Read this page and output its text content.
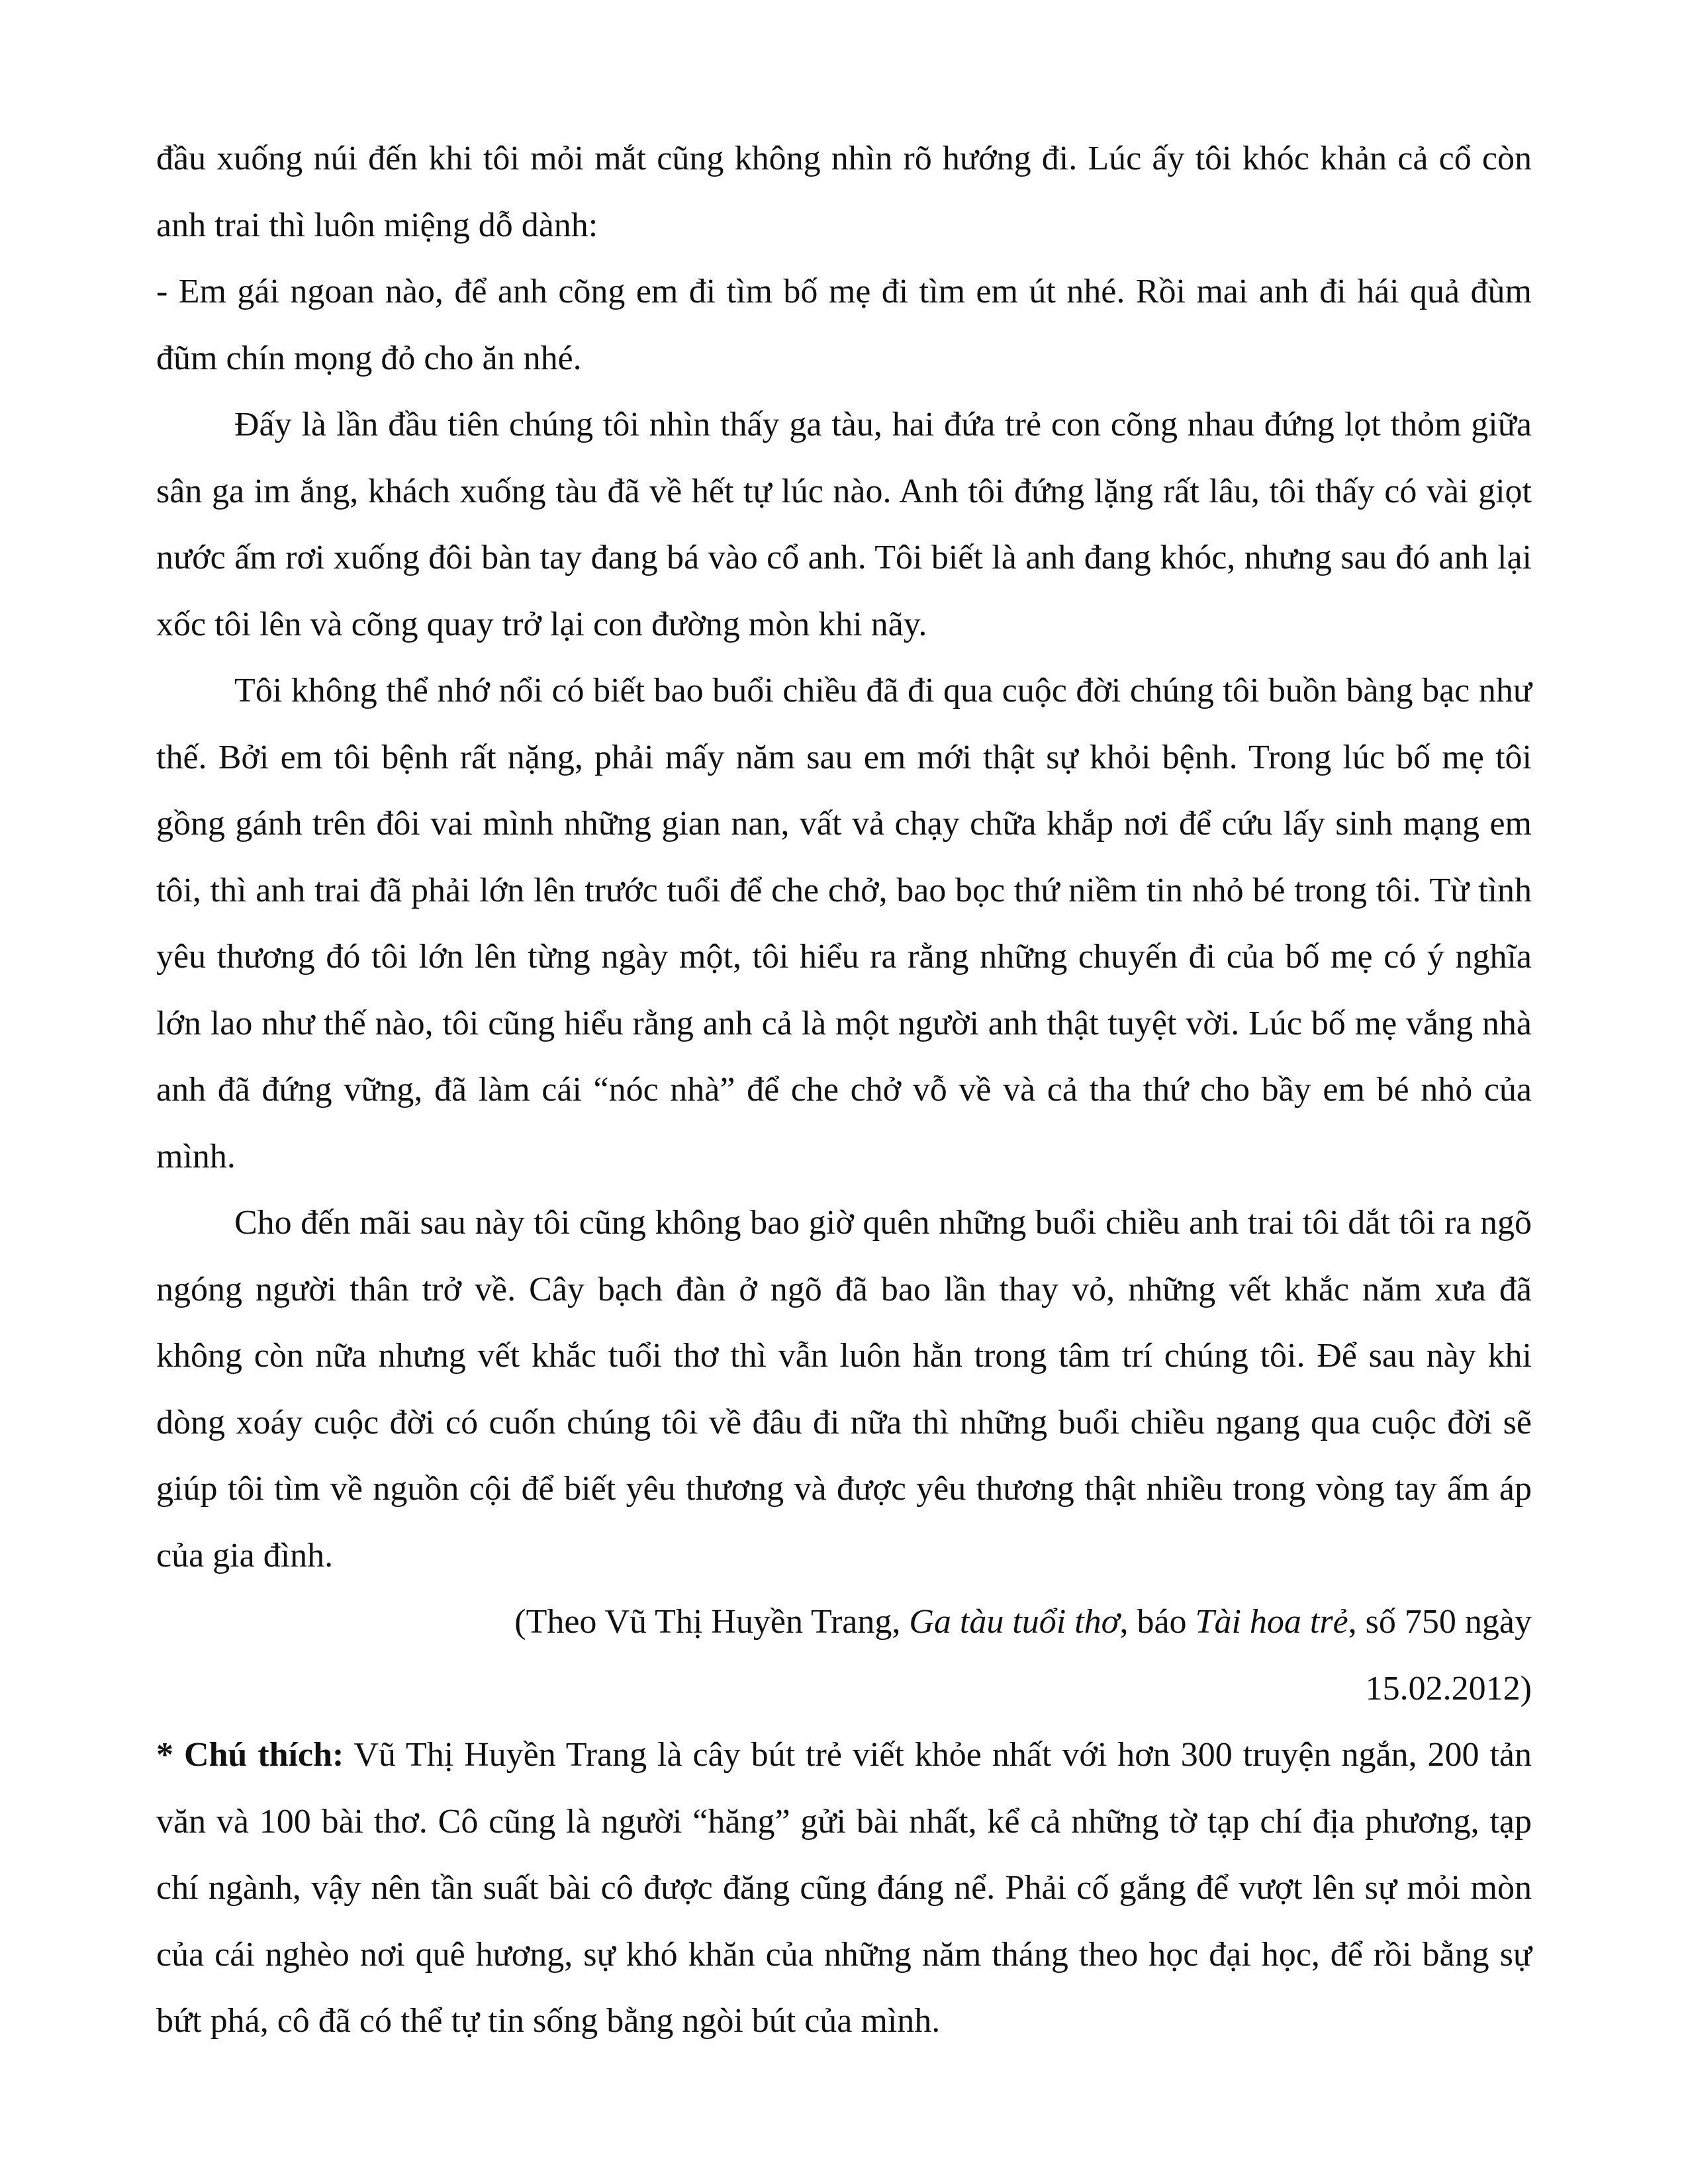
đầu xuống núi đến khi tôi mỏi mắt cũng không nhìn rõ hướng đi. Lúc ấy tôi khóc khản cả cổ còn anh trai thì luôn miệng dỗ dành:

- Em gái ngoan nào, để anh cõng em đi tìm bố mẹ đi tìm em út nhé. Rồi mai anh đi hái quả đùm đũm chín mọng đỏ cho ăn nhé.

Đấy là lần đầu tiên chúng tôi nhìn thấy ga tàu, hai đứa trẻ con cõng nhau đứng lọt thỏm giữa sân ga im ắng, khách xuống tàu đã về hết tự lúc nào. Anh tôi đứng lặng rất lâu, tôi thấy có vài giọt nước ấm rơi xuống đôi bàn tay đang bá vào cổ anh. Tôi biết là anh đang khóc, nhưng sau đó anh lại xốc tôi lên và cõng quay trở lại con đường mòn khi nãy.

Tôi không thể nhớ nổi có biết bao buổi chiều đã đi qua cuộc đời chúng tôi buồn bàng bạc như thế. Bởi em tôi bệnh rất nặng, phải mấy năm sau em mới thật sự khỏi bệnh. Trong lúc bố mẹ tôi gồng gánh trên đôi vai mình những gian nan, vất vả chạy chữa khắp nơi để cứu lấy sinh mạng em tôi, thì anh trai đã phải lớn lên trước tuổi để che chở, bao bọc thứ niềm tin nhỏ bé trong tôi. Từ tình yêu thương đó tôi lớn lên từng ngày một, tôi hiểu ra rằng những chuyến đi của bố mẹ có ý nghĩa lớn lao như thế nào, tôi cũng hiểu rằng anh cả là một người anh thật tuyệt vời. Lúc bố mẹ vắng nhà anh đã đứng vững, đã làm cái “nóc nhà” để che chở vỗ về và cả tha thứ cho bầy em bé nhỏ của mình.

Cho đến mãi sau này tôi cũng không bao giờ quên những buổi chiều anh trai tôi dắt tôi ra ngõ ngóng người thân trở về. Cây bạch đàn ở ngõ đã bao lần thay vỏ, những vết khắc năm xưa đã không còn nữa nhưng vết khắc tuổi thơ thì vẫn luôn hằn trong tâm trí chúng tôi. Để sau này khi dòng xoáy cuộc đời có cuốn chúng tôi về đâu đi nữa thì những buổi chiều ngang qua cuộc đời sẽ giúp tôi tìm về nguồn cội để biết yêu thương và được yêu thương thật nhiều trong vòng tay ấm áp của gia đình.

(Theo Vũ Thị Huyền Trang, Ga tàu tuổi thơ, báo Tài hoa trẻ, số 750 ngày
15.02.2012)

* Chú thích: Vũ Thị Huyền Trang là cây bút trẻ viết khỏe nhất với hơn 300 truyện ngắn, 200 tản văn và 100 bài thơ. Cô cũng là người “hăng” gửi bài nhất, kể cả những tờ tạp chí địa phương, tạp chí ngành, vậy nên tần suất bài cô được đăng cũng đáng nể. Phải cố gắng để vượt lên sự mỏi mòn của cái nghèo nơi quê hương, sự khó khăn của những năm tháng theo học đại học, để rồi bằng sự bứt phá, cô đã có thể tự tin sống bằng ngòi bút của mình.
